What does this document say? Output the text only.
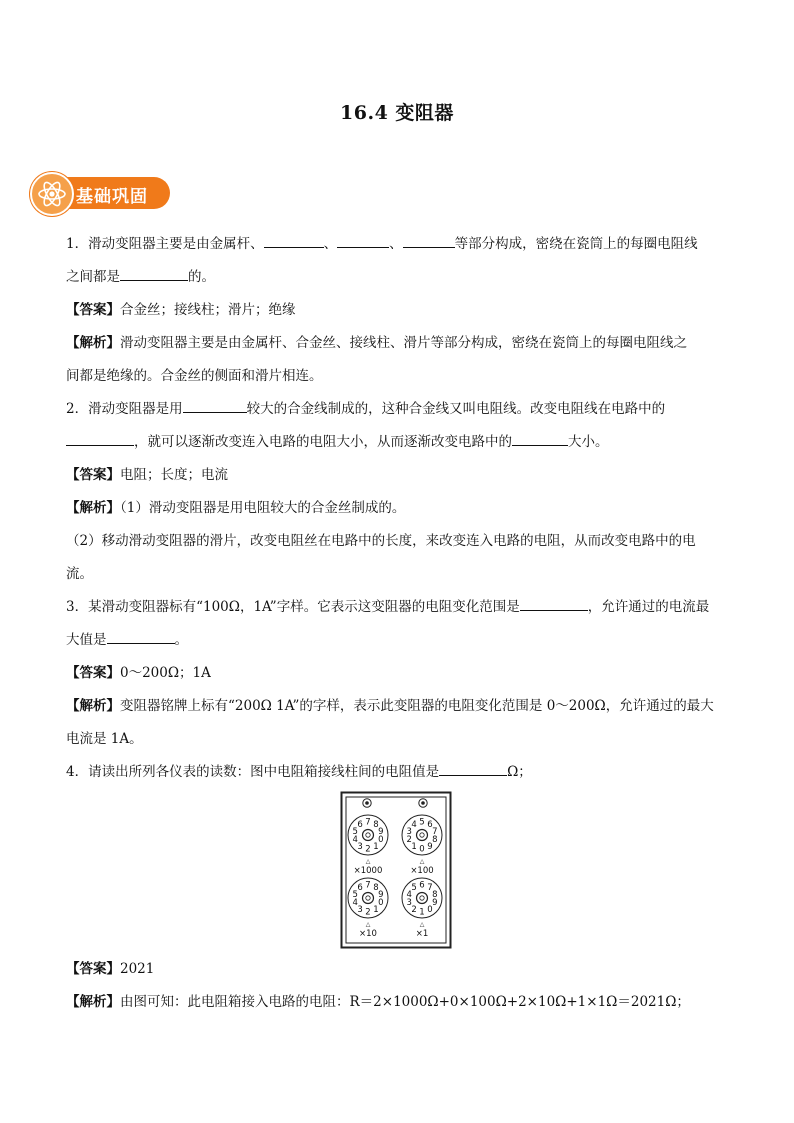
16.4 变阻器
基础巩固

1．滑动变阻器主要是由金属杆、	、	、	等部分构成，密绕在瓷筒上的每圈电阻线

之间都是	的。

【答案】合金丝；接线柱；滑片；绝缘

【解析】滑动变阻器主要是由金属杆、合金丝、接线柱、滑片等部分构成，密绕在瓷筒上的每圈电阻线之

间都是绝缘的。合金丝的侧面和滑片相连。

2．滑动变阻器是用	较大的合金线制成的，这种合金线又叫电阻线。改变电阻线在电路中的

，就可以逐渐改变连入电路的电阻大小，从而逐渐改变电路中的	大小。

【答案】电阻；长度；电流

【解析】（1）滑动变阻器是用电阻较大的合金丝制成的。

（2）移动滑动变阻器的滑片，改变电阻丝在电路中的长度，来改变连入电路的电阻，从而改变电路中的电

流。

3．某滑动变阻器标有“100Ω，1A”字样。它表示这变阻器的电阻变化范围是	，允许通过的电流最

大值是	。

【答案】0～200Ω；1A

【解析】变阻器铭牌上标有“200Ω 1A”的字样，表示此变阻器的电阻变化范围是 0～200Ω，允许通过的最大

电流是 1A。

4．请读出所列各仪表的读数：图中电阻箱接线柱间的电阻值是	Ω；

0
1
2
3
4
5
6 7 8
9
△
×1000
0
1
2
3
4 5 6
7
8
9
△
×100
0
1
2
3
4
5
6 7 8
9
△
×10
0
1
2
3
4
5 6 7
8
9
△
×1

【答案】2021

【解析】由图可知：此电阻箱接入电路的电阻：R＝2×1000Ω+0×100Ω+2×10Ω+1×1Ω＝2021Ω；
